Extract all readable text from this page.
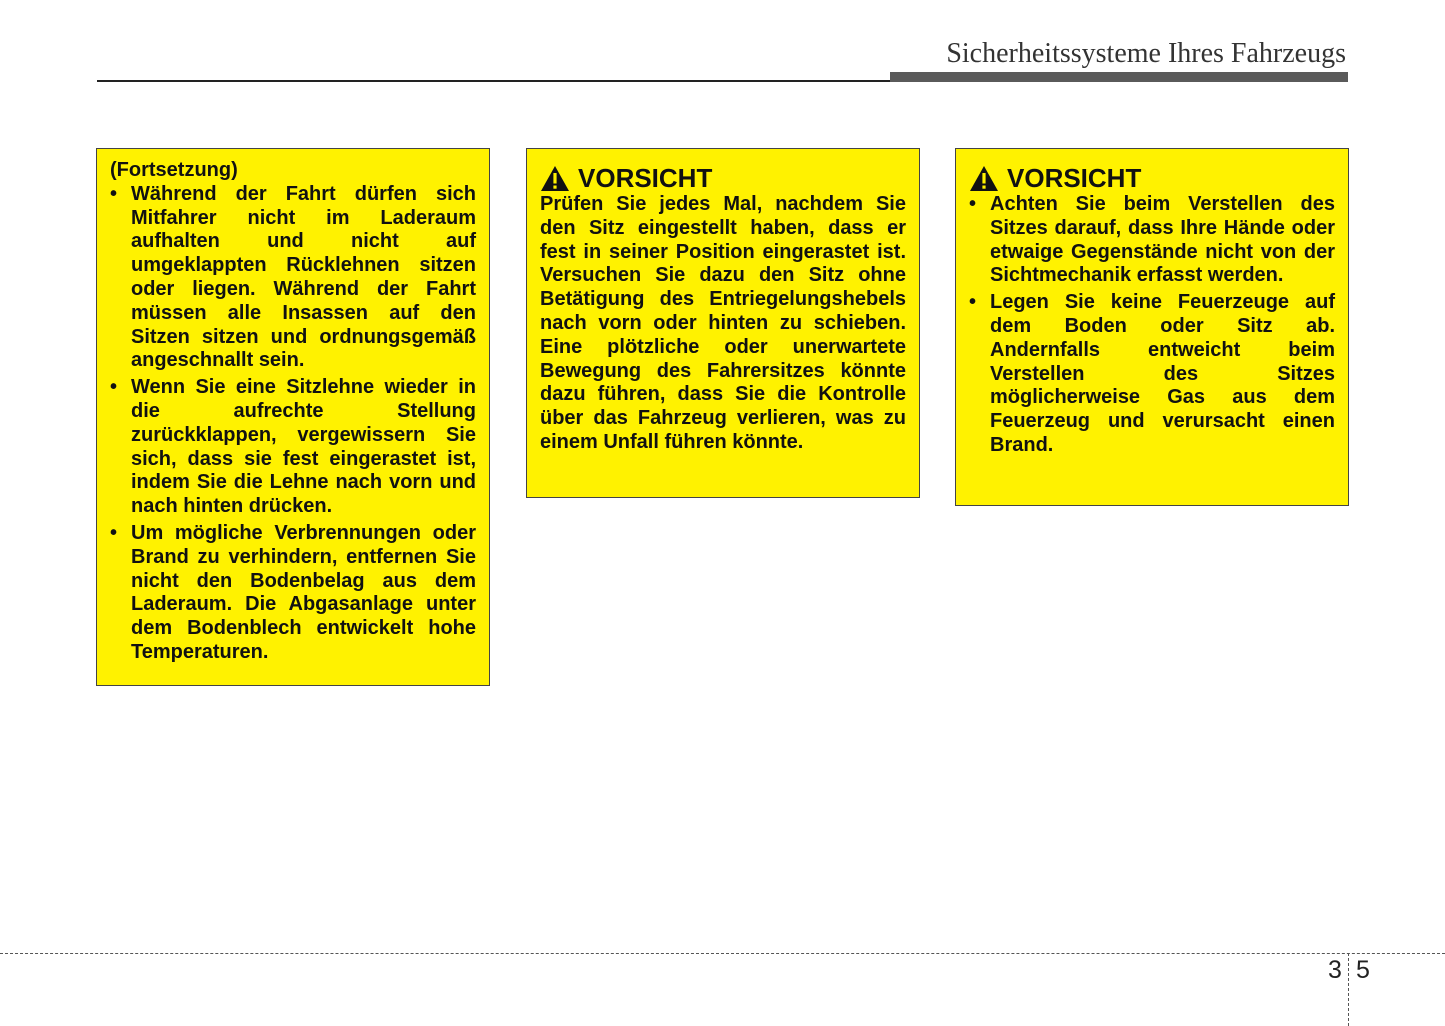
Sicherheitssysteme Ihres Fahrzeugs

(Fortsetzung)

• Während der Fahrt dürfen sich Mitfahrer nicht im Laderaum aufhalten und nicht auf umgeklappten Rücklehnen sitzen oder liegen. Während der Fahrt müssen alle Insassen auf den Sitzen sitzen und ordnungsgemäß angeschnallt sein.
• Wenn Sie eine Sitzlehne wieder in die aufrechte Stellung zurückklappen, vergewissern Sie sich, dass sie fest eingerastet ist, indem Sie die Lehne nach vorn und nach hinten drücken.
• Um mögliche Verbrennungen oder Brand zu verhindern, entfernen Sie nicht den Bodenbelag aus dem Laderaum. Die Abgasanlage unter dem Bodenblech entwickelt hohe Temperaturen.
VORSICHT

Prüfen Sie jedes Mal, nachdem Sie den Sitz eingestellt haben, dass er fest in seiner Position eingerastet ist. Versuchen Sie dazu den Sitz ohne Betätigung des Entriegelungshebels nach vorn oder hinten zu schieben. Eine plötzliche oder unerwartete Bewegung des Fahrersitzes könnte dazu führen, dass Sie die Kontrolle über das Fahrzeug verlieren, was zu einem Unfall führen könnte.

VORSICHT
• Achten Sie beim Verstellen des Sitzes darauf, dass Ihre Hände oder etwaige Gegenstände nicht von der Sichtmechanik erfasst werden.
• Legen Sie keine Feuerzeuge auf dem Boden oder Sitz ab. Andernfalls entweicht beim Verstellen des Sitzes möglicherweise Gas aus dem Feuerzeug und verursacht einen Brand.
3 5
